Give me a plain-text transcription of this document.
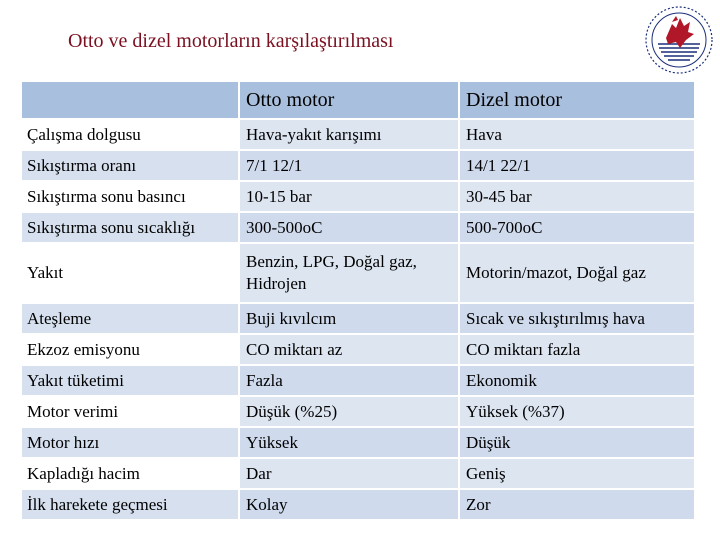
Otto ve dizel motorların karşılaştırılması
	Otto motor	Dizel motor
Çalışma dolgusu	Hava-yakıt karışımı	Hava
Sıkıştırma oranı	7/1 12/1	14/1 22/1
Sıkıştırma sonu basıncı	10-15 bar	30-45 bar
Sıkıştırma sonu sıcaklığı	300-500oC	500-700oC
Yakıt	Benzin, LPG, Doğal gaz, Hidrojen	Motorin/mazot, Doğal gaz
Ateşleme	Buji kıvılcım	Sıcak ve sıkıştırılmış hava
Ekzoz emisyonu	CO miktarı az	CO miktarı fazla
Yakıt tüketimi	Fazla	Ekonomik
Motor verimi	Düşük (%25)	Yüksek (%37)
Motor hızı	Yüksek	Düşük
Kapladığı hacim	Dar	Geniş
İlk harekete geçmesi	Kolay	Zor
